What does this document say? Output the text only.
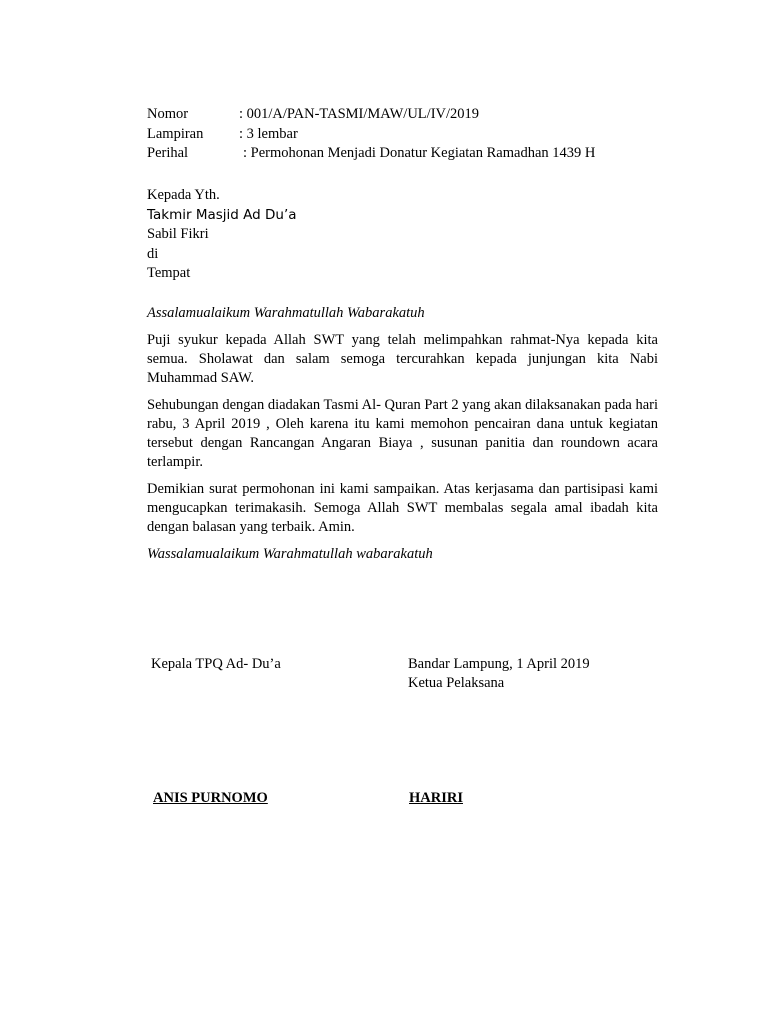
Nomor	: 001/A/PAN-TASMI/MAW/UL/IV/2019
Lampiran	: 3 lembar
Perihal	: Permohonan Menjadi Donatur Kegiatan Ramadhan 1439 H
Kepada Yth.
Takmir Masjid Ad Du’a
Sabil Fikri
di
Tempat

Assalamualaikum Warahmatullah Wabarakatuh

Puji syukur kepada Allah SWT yang telah melimpahkan rahmat-Nya kepada kita semua. Sholawat dan salam semoga tercurahkan kepada junjungan kita Nabi Muhammad SAW.

Sehubungan dengan diadakan Tasmi Al- Quran Part 2 yang akan dilaksanakan pada hari rabu, 3 April 2019 , Oleh karena itu kami memohon pencairan dana untuk kegiatan tersebut dengan Rancangan Angaran Biaya , susunan panitia dan roundown acara terlampir.

Demikian surat permohonan ini kami sampaikan. Atas kerjasama dan partisipasi kami mengucapkan terimakasih. Semoga Allah SWT membalas segala amal ibadah kita dengan balasan yang terbaik. Amin.

Wassalamualaikum Warahmatullah wabarakatuh

Kepala TPQ Ad- Du’a	Bandar Lampung, 1 April 2019
Ketua Pelaksana
ANIS PURNOMO	HARIRI
